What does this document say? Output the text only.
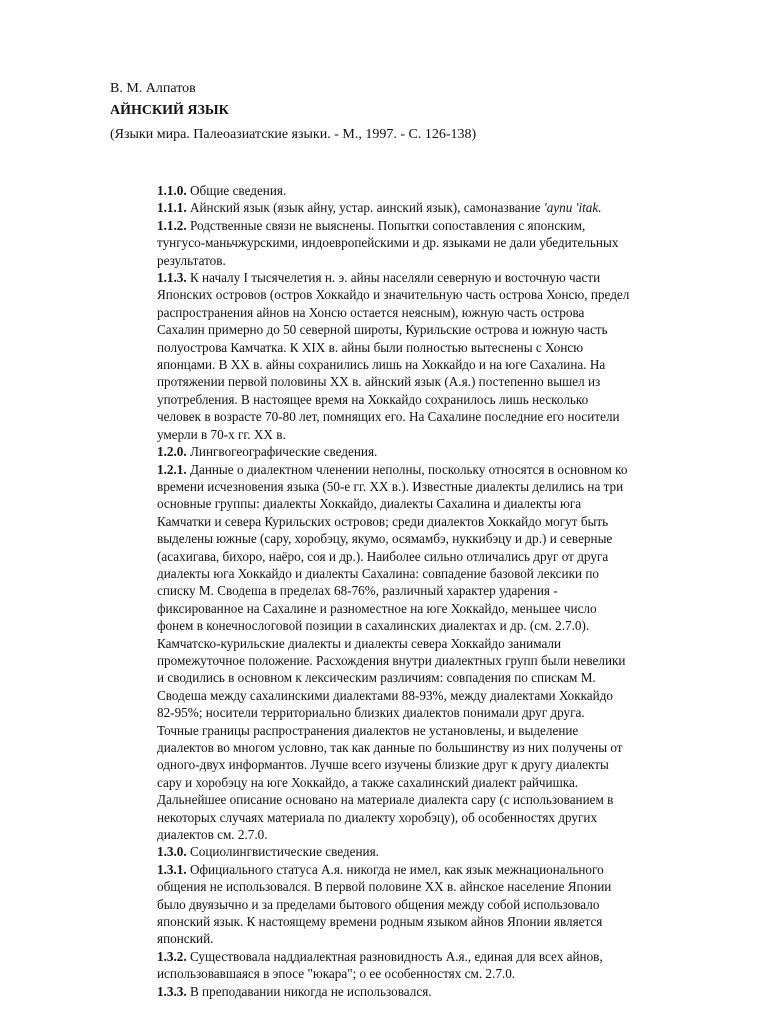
В. М. Алпатов
АЙНСКИЙ ЯЗЫК
(Языки мира. Палеоазиатские языки. - М., 1997. - С. 126-138)
1.1.0. Общие сведения.
1.1.1. Айнский язык (язык айну, устар. аинский язык), самоназвание 'aynu 'itak.
1.1.2. Родственные связи не выяснены. Попытки сопоставления с японским,
тунгусо-маньчжурскими, индоевропейскими и др. языками не дали убедительных
результатов.
1.1.3. К началу I тысячелетия н. э. айны населяли северную и восточную части
Японских островов (остров Хоккайдо и значительную часть острова Хонсю, предел
распространения айнов на Хонсю остается неясным), южную часть острова
Сахалин примерно до 50 северной широты, Курильские острова и южную часть
полуострова Камчатка. К XIX в. айны были полностью вытеснены с Хонсю
японцами. В XX в. айны сохранились лишь на Хоккайдо и на юге Сахалина. На
протяжении первой половины XX в. айнский язык (А.я.) постепенно вышел из
употребления. В настоящее время на Хоккайдо сохранилось лишь несколько
человек в возрасте 70-80 лет, помнящих его. На Сахалине последние его носители
умерли в 70-х гг. XX в.
1.2.0. Лингвогеографические сведения.
1.2.1. Данные о диалектном членении неполны, поскольку относятся в основном ко
времени исчезновения языка (50-е гг. XX в.). Известные диалекты делились на три
основные группы: диалекты Хоккайдо, диалекты Сахалина и диалекты юга
Камчатки и севера Курильских островов; среди диалектов Хоккайдо могут быть
выделены южные (сару, хоробэцу, якумо, осямамбэ, нуккибэцу и др.) и северные
(асахигава, бихоро, наёро, соя и др.). Наиболее сильно отличались друг от друга
диалекты юга Хоккайдо и диалекты Сахалина: совпадение базовой лексики по
списку М. Сводеша в пределах 68-76%, различный характер ударения -
фиксированное на Сахалине и разноместное на юге Хоккайдо, меньшее число
фонем в конечнослоговой позиции в сахалинских диалектах и др. (см. 2.7.0).
Камчатско-курильские диалекты и диалекты севера Хоккайдо занимали
промежуточное положение. Расхождения внутри диалектных групп были невелики
и сводились в основном к лексическим различиям: совпадения по спискам М.
Сводеша между сахалинскими диалектами 88-93%, между диалектами Хоккайдо
82-95%; носители территориально близких диалектов понимали друг друга.
Точные границы распространения диалектов не установлены, и выделение
диалектов во многом условно, так как данные по большинству из них получены от
одного-двух информантов. Лучше всего изучены близкие друг к другу диалекты
сару и хоробэцу на юге Хоккайдо, а также сахалинский диалект райчишка.
Дальнейшее описание основано на материале диалекта сару (с использованием в
некоторых случаях материала по диалекту хоробэцу), об особенностях других
диалектов см. 2.7.0.
1.3.0. Социолингвистические сведения.
1.3.1. Официального статуса А.я. никогда не имел, как язык межнационального
общения не использовался. В первой половине XX в. айнское население Японии
было двуязычно и за пределами бытового общения между собой использовало
японский язык. К настоящему времени родным языком айнов Японии является
японский.
1.3.2. Существовала наддиалектная разновидность А.я., единая для всех айнов,
использовавшаяся в эпосе "юкара"; о ее особенностях см. 2.7.0.
1.3.3. В преподавании никогда не использовался.
